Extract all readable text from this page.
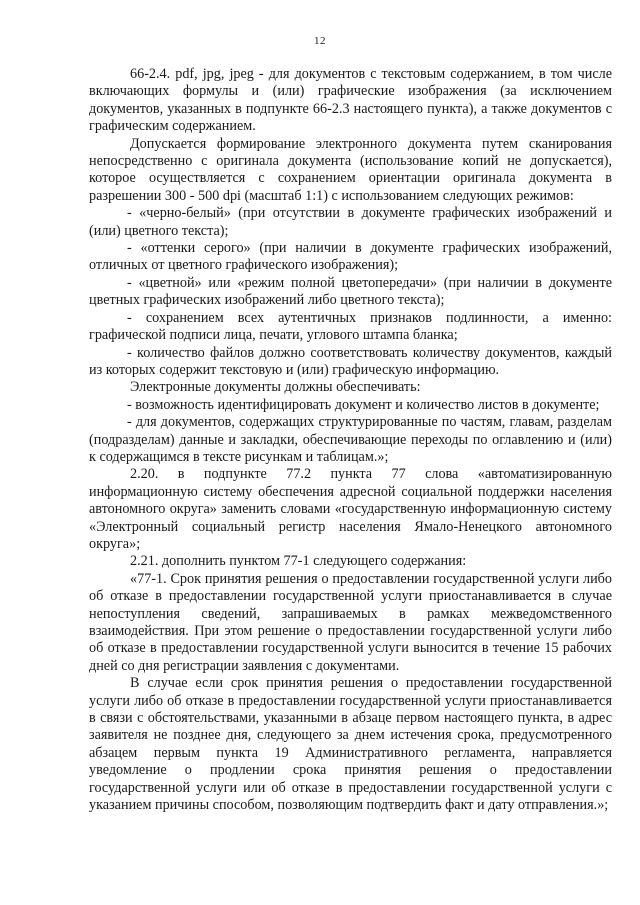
12

66-2.4. pdf, jpg, jpeg - для документов с текстовым содержанием, в том числе включающих формулы и (или) графические изображения (за исключением документов, указанных в подпункте 66-2.3 настоящего пункта), а также документов с графическим содержанием.

Допускается формирование электронного документа путем сканирования непосредственно с оригинала документа (использование копий не допускается), которое осуществляется с сохранением ориентации оригинала документа в разрешении 300 - 500 dpi (масштаб 1:1) с использованием следующих режимов:

- «черно-белый» (при отсутствии в документе графических изображений и (или) цветного текста);

- «оттенки серого» (при наличии в документе графических изображений, отличных от цветного графического изображения);

- «цветной» или «режим полной цветопередачи» (при наличии в документе цветных графических изображений либо цветного текста);

- сохранением всех аутентичных признаков подлинности, а именно: графической подписи лица, печати, углового штампа бланка;

- количество файлов должно соответствовать количеству документов, каждый из которых содержит текстовую и (или) графическую информацию.

Электронные документы должны обеспечивать:

- возможность идентифицировать документ и количество листов в документе;

- для документов, содержащих структурированные по частям, главам, разделам (подразделам) данные и закладки, обеспечивающие переходы по оглавлению и (или) к содержащимся в тексте рисункам и таблицам.»;

2.20. в подпункте 77.2 пункта 77 слова «автоматизированную информационную систему обеспечения адресной социальной поддержки населения автономного округа» заменить словами «государственную информационную систему «Электронный социальный регистр населения Ямало-Ненецкого автономного округа»;

2.21. дополнить пунктом 77-1 следующего содержания:

«77-1. Срок принятия решения о предоставлении государственной услуги либо об отказе в предоставлении государственной услуги приостанавливается в случае непоступления сведений, запрашиваемых в рамках межведомственного взаимодействия. При этом решение о предоставлении государственной услуги либо об отказе в предоставлении государственной услуги выносится в течение 15 рабочих дней со дня регистрации заявления с документами.

В случае если срок принятия решения о предоставлении государственной услуги либо об отказе в предоставлении государственной услуги приостанавливается в связи с обстоятельствами, указанными в абзаце первом настоящего пункта, в адрес заявителя не позднее дня, следующего за днем истечения срока, предусмотренного абзацем первым пункта 19 Административного регламента, направляется уведомление о продлении срока принятия решения о предоставлении государственной услуги или об отказе в предоставлении государственной услуги с указанием причины способом, позволяющим подтвердить факт и дату отправления.»;
